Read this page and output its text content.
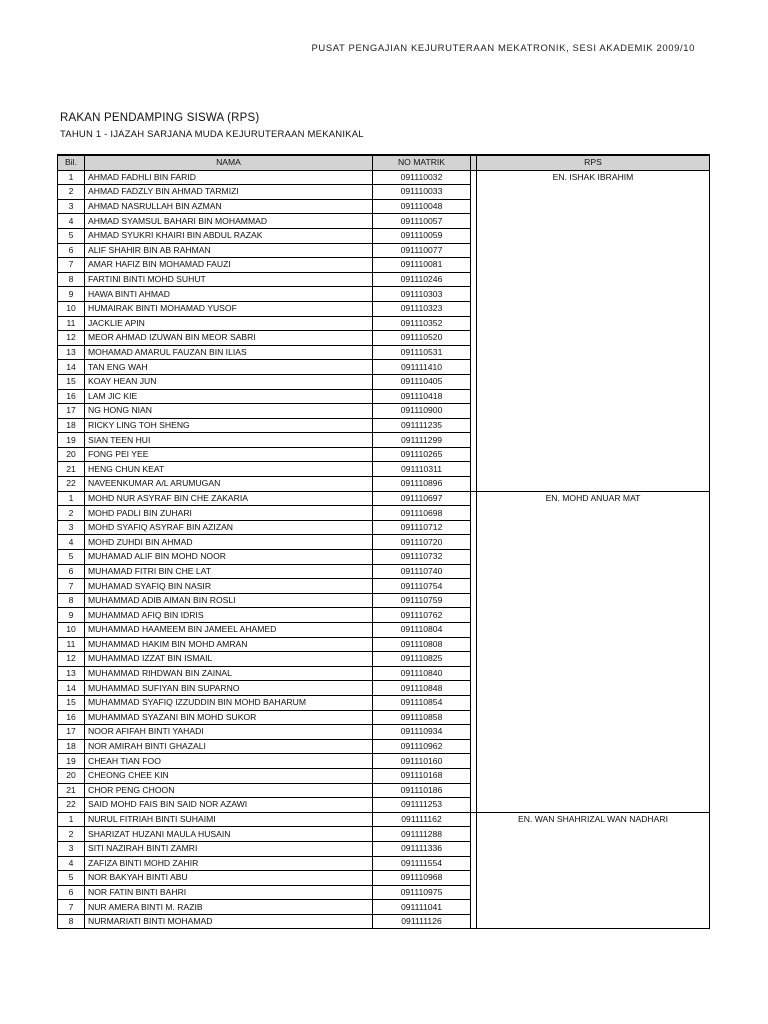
PUSAT PENGAJIAN KEJURUTERAAN MEKATRONIK, SESI AKADEMIK 2009/10
RAKAN PENDAMPING SISWA (RPS)
TAHUN 1 - IJAZAH SARJANA MUDA KEJURUTERAAN MEKANIKAL
Bil.	NAMA	NO MATRIK		RPS
1	AHMAD FADHLI BIN FARID	091110032		EN. ISHAK IBRAHIM
2	AHMAD FADZLY BIN AHMAD TARMIZI	091110033		
3	AHMAD NASRULLAH BIN AZMAN	091110048		
4	AHMAD SYAMSUL BAHARI BIN MOHAMMAD	091110057		
5	AHMAD SYUKRI KHAIRI BIN ABDUL RAZAK	091110059		
6	ALIF SHAHIR BIN AB RAHMAN	091110077		
7	AMAR HAFIZ BIN MOHAMAD FAUZI	091110081		
8	FARTINI BINTI MOHD SUHUT	091110246		
9	HAWA BINTI AHMAD	091110303		
10	HUMAIRAK BINTI MOHAMAD YUSOF	091110323		
11	JACKLIE APIN	091110352		
12	MEOR AHMAD IZUWAN BIN MEOR SABRI	091110520		
13	MOHAMAD AMARUL FAUZAN BIN ILIAS	091110531		
14	TAN ENG WAH	091111410		
15	KOAY HEAN JUN	091110405		
16	LAM JIC KIE	091110418		
17	NG HONG NIAN	091110900		
18	RICKY LING TOH SHENG	091111235		
19	SIAN TEEN HUI	091111299		
20	FONG PEI YEE	091110265		
21	HENG CHUN KEAT	091110311		
22	NAVEENKUMAR A/L ARUMUGAN	091110896		
1	MOHD NUR ASYRAF BIN CHE ZAKARIA	091110697		EN. MOHD ANUAR MAT
2	MOHD PADLI BIN ZUHARI	091110698		
3	MOHD SYAFIQ ASYRAF BIN AZIZAN	091110712		
4	MOHD ZUHDI BIN AHMAD	091110720		
5	MUHAMAD ALIF BIN MOHD NOOR	091110732		
6	MUHAMAD FITRI BIN CHE LAT	091110740		
7	MUHAMAD SYAFIQ BIN NASIR	091110754		
8	MUHAMMAD ADIB AIMAN BIN ROSLI	091110759		
9	MUHAMMAD AFIQ BIN IDRIS	091110762		
10	MUHAMMAD HAAMEEM BIN JAMEEL AHAMED	091110804		
11	MUHAMMAD HAKIM BIN MOHD AMRAN	091110808		
12	MUHAMMAD IZZAT BIN ISMAIL	091110825		
13	MUHAMMAD RIHDWAN BIN ZAINAL	091110840		
14	MUHAMMAD SUFIYAN BIN SUPARNO	091110848		
15	MUHAMMAD SYAFIQ IZZUDDIN BIN MOHD BAHARUM	091110854		
16	MUHAMMAD SYAZANI BIN MOHD SUKOR	091110858		
17	NOOR AFIFAH BINTI YAHADI	091110934		
18	NOR AMIRAH BINTI GHAZALI	091110962		
19	CHEAH TIAN FOO	091110160		
20	CHEONG CHEE KIN	091110168		
21	CHOR PENG CHOON	091110186		
22	SAID MOHD FAIS BIN SAID NOR AZAWI	091111253		
1	NURUL FITRIAH BINTI SUHAIMI	091111162		EN. WAN SHAHRIZAL WAN NADHARI
2	SHARIZAT HUZANI MAULA HUSAIN	091111288		
3	SITI NAZIRAH BINTI ZAMRI	091111336		
4	ZAFIZA BINTI MOHD ZAHIR	091111554		
5	NOR BAKYAH BINTI ABU	091110968		
6	NOR FATIN BINTI BAHRI	091110975		
7	NUR AMERA BINTI M. RAZIB	091111041		
8	NURMARIATI BINTI MOHAMAD	091111126		
